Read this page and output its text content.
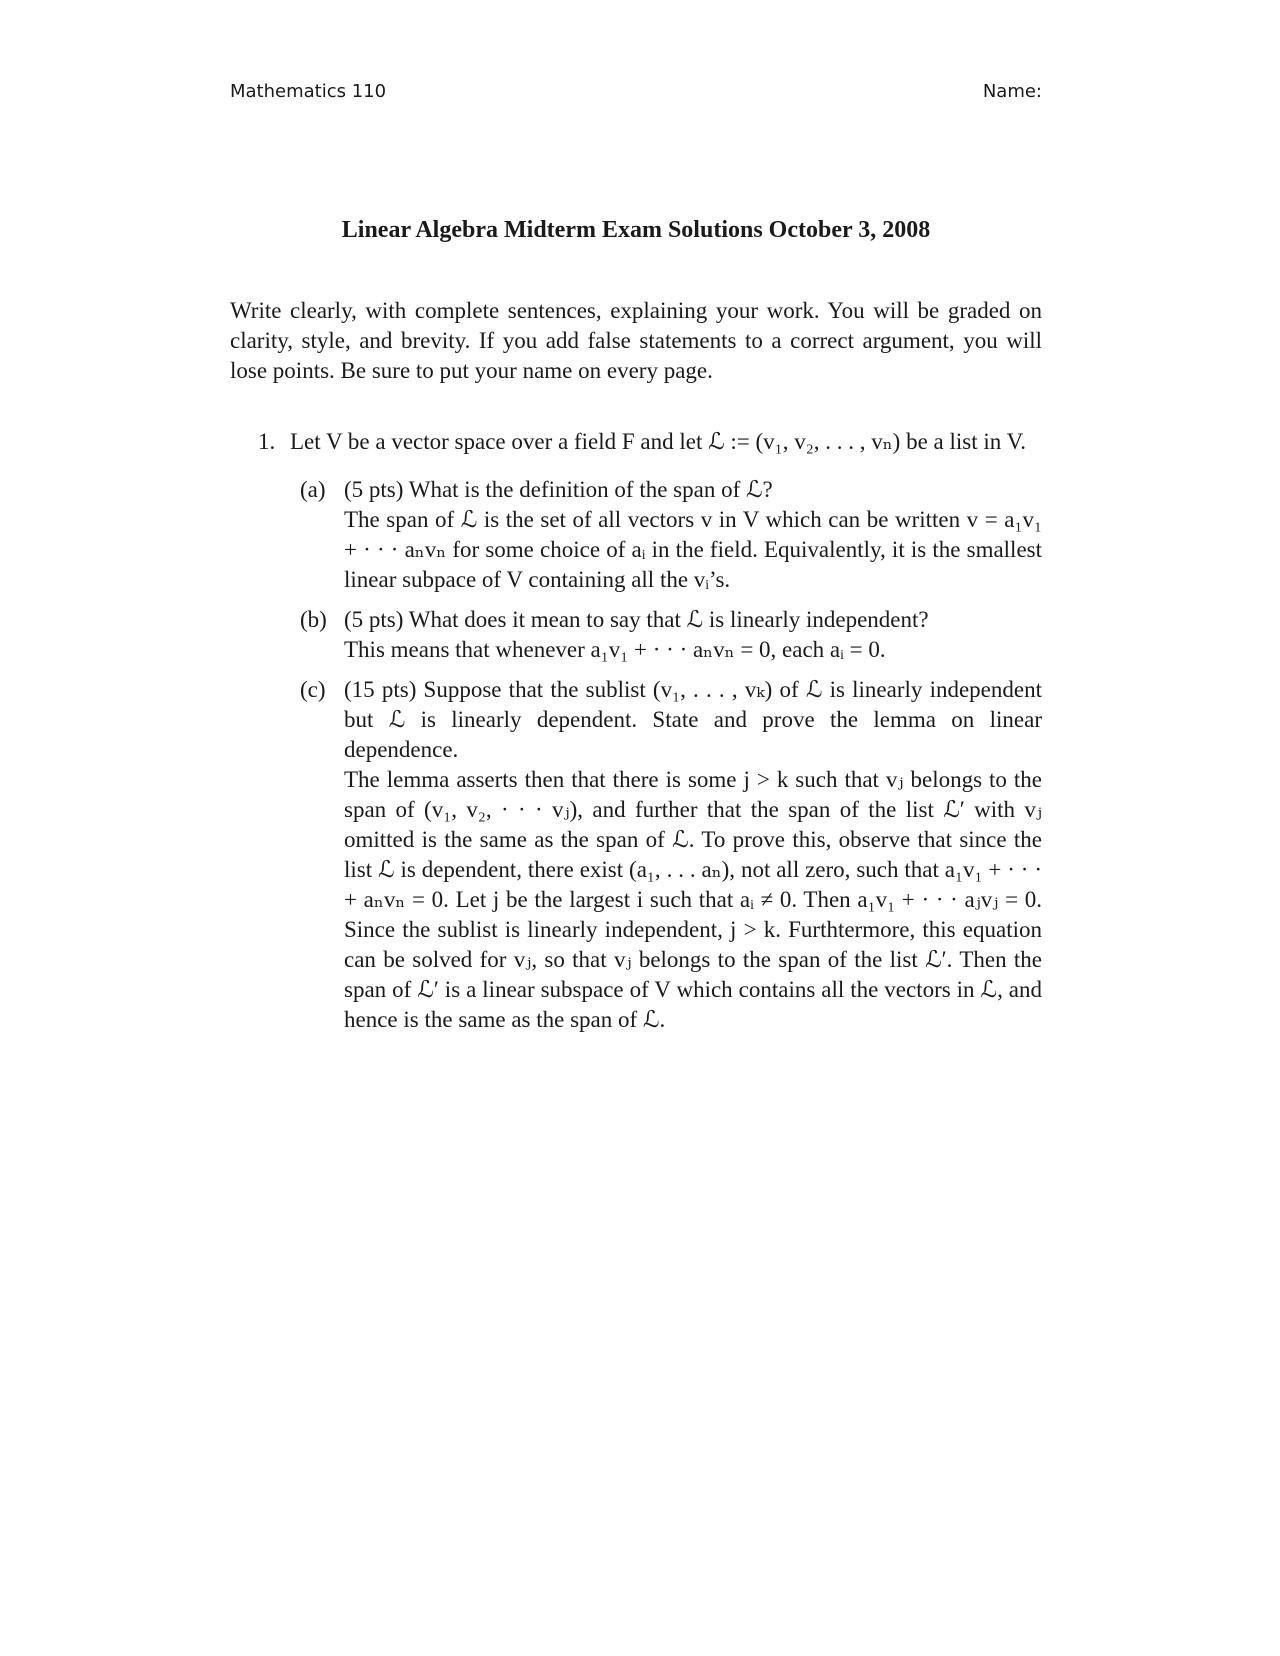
Mathematics 110	Name:
Linear Algebra Midterm Exam Solutions October 3, 2008
Write clearly, with complete sentences, explaining your work. You will be graded on clarity, style, and brevity. If you add false statements to a correct argument, you will lose points. Be sure to put your name on every page.
1. Let V be a vector space over a field F and let ℒ := (v₁, v₂, . . . , vₙ) be a list in V.
(a) (5 pts) What is the definition of the span of ℒ?

The span of ℒ is the set of all vectors v in V which can be written v = a₁v₁ + · · · aₙvₙ for some choice of aᵢ in the field. Equivalently, it is the smallest linear subpace of V containing all the vᵢ’s.

(b) (5 pts) What does it mean to say that ℒ is linearly independent?

This means that whenever a₁v₁ + · · · aₙvₙ = 0, each aᵢ = 0.

(c) (15 pts) Suppose that the sublist (v₁, . . . , vₖ) of ℒ is linearly independent but ℒ is linearly dependent. State and prove the lemma on linear dependence.

The lemma asserts then that there is some j > k such that vⱼ belongs to the span of (v₁, v₂, · · · vⱼ), and further that the span of the list ℒ′ with vⱼ omitted is the same as the span of ℒ. To prove this, observe that since the list ℒ is dependent, there exist (a₁, . . . aₙ), not all zero, such that a₁v₁ + · · · + aₙvₙ = 0. Let j be the largest i such that aᵢ ≠ 0. Then a₁v₁ + · · · aⱼvⱼ = 0. Since the sublist is linearly independent, j > k. Furthtermore, this equation can be solved for vⱼ, so that vⱼ belongs to the span of the list ℒ′. Then the span of ℒ′ is a linear subspace of V which contains all the vectors in ℒ, and hence is the same as the span of ℒ.
